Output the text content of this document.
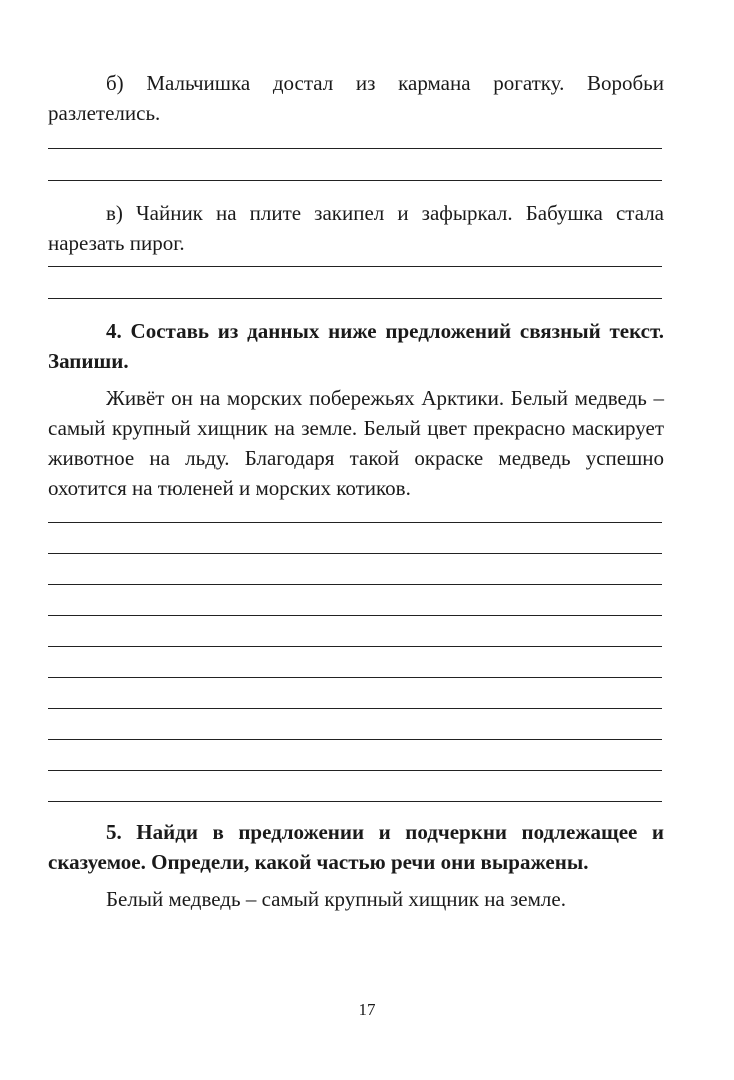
б) Мальчишка достал из кармана рогатку. Воробьи разлетелись.

в) Чайник на плите закипел и зафыркал. Бабушка стала нарезать пирог.

4. Составь из данных ниже предложений связный текст. Запиши.

Живёт он на морских побережьях Арктики. Белый медведь – самый крупный хищник на земле. Белый цвет прекрасно маскирует животное на льду. Благодаря такой окраске медведь успешно охотится на тюленей и морских котиков.

5. Найди в предложении и подчеркни подлежащее и сказуемое. Определи, какой частью речи они выражены.

Белый медведь – самый крупный хищник на земле.

17
